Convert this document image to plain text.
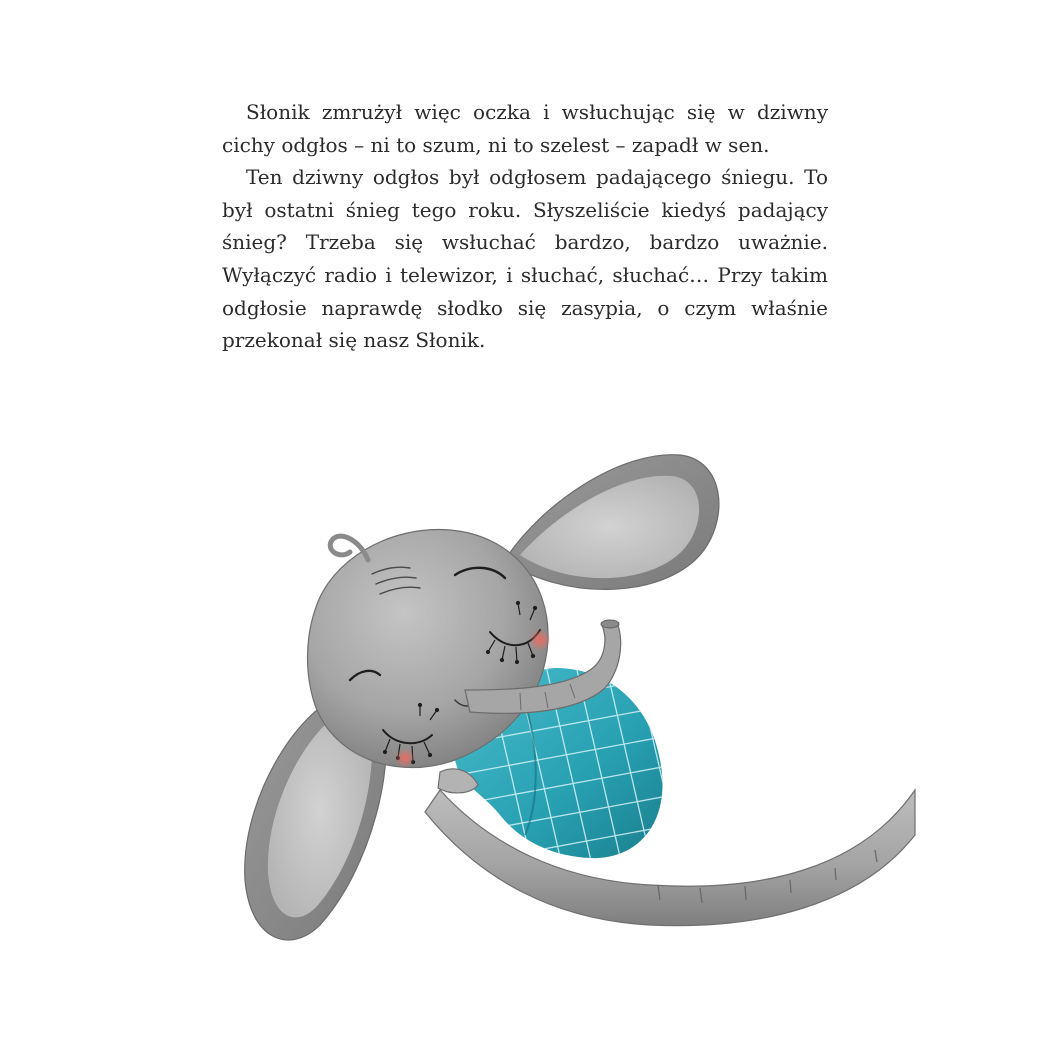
Słonik zmrużył więc oczka i wsłuchując się w dziwny cichy odgłos – ni to szum, ni to szelest – zapadł w sen.

Ten dziwny odgłos był odgłosem padającego śniegu. To był ostatni śnieg tego roku. Słyszeliście kiedyś padający śnieg? Trzeba się wsłuchać bardzo, bardzo uważnie. Wyłączyć radio i telewizor, i słuchać, słuchać… Przy takim odgłosie naprawdę słodko się zasypia, o czym właśnie przekonał się nasz Słonik.
